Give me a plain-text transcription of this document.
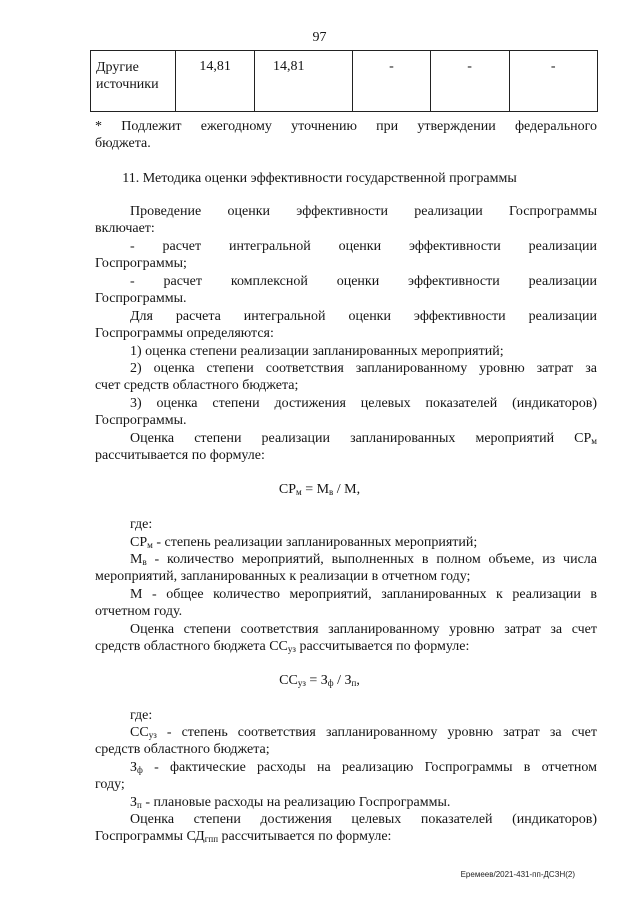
97
Другие источники	14,81	14,81	-	-	-
* Подлежит ежегодному уточнению при утверждении федерального
бюджета.
11. Методика оценки эффективности государственной программы
Проведение оценки эффективности реализации Госпрограммы
включает:
- расчет интегральной оценки эффективности реализации
Госпрограммы;
- расчет комплексной оценки эффективности реализации
Госпрограммы.
Для расчета интегральной оценки эффективности реализации
Госпрограммы определяются:
1) оценка степени реализации запланированных мероприятий;
2) оценка степени соответствия запланированному уровню затрат за
счет средств областного бюджета;
3) оценка степени достижения целевых показателей (индикаторов)
Госпрограммы.
Оценка степени реализации запланированных мероприятий $СР_м$
рассчитывается по формуле:
$СР_м = М_в / М$,
где:
$СР_м$ - степень реализации запланированных мероприятий;
$М_в$ - количество мероприятий, выполненных в полном объеме, из числа
мероприятий, запланированных к реализации в отчетном году;
М - общее количество мероприятий, запланированных к реализации в
отчетном году.
Оценка степени соответствия запланированному уровню затрат за счет
средств областного бюджета $СС_{уз}$ рассчитывается по формуле:
$СС_{уз} = З_ф / З_п$,
где:
$СС_{уз}$ - степень соответствия запланированному уровню затрат за счет
средств областного бюджета;
$З_ф$ - фактические расходы на реализацию Госпрограммы в отчетном
году;
$З_п$ - плановые расходы на реализацию Госпрограммы.
Оценка степени достижения целевых показателей (индикаторов)
Госпрограммы $СД_{гпп}$ рассчитывается по формуле:
Еремеев/2021-431-пп-ДСЗН(2)
